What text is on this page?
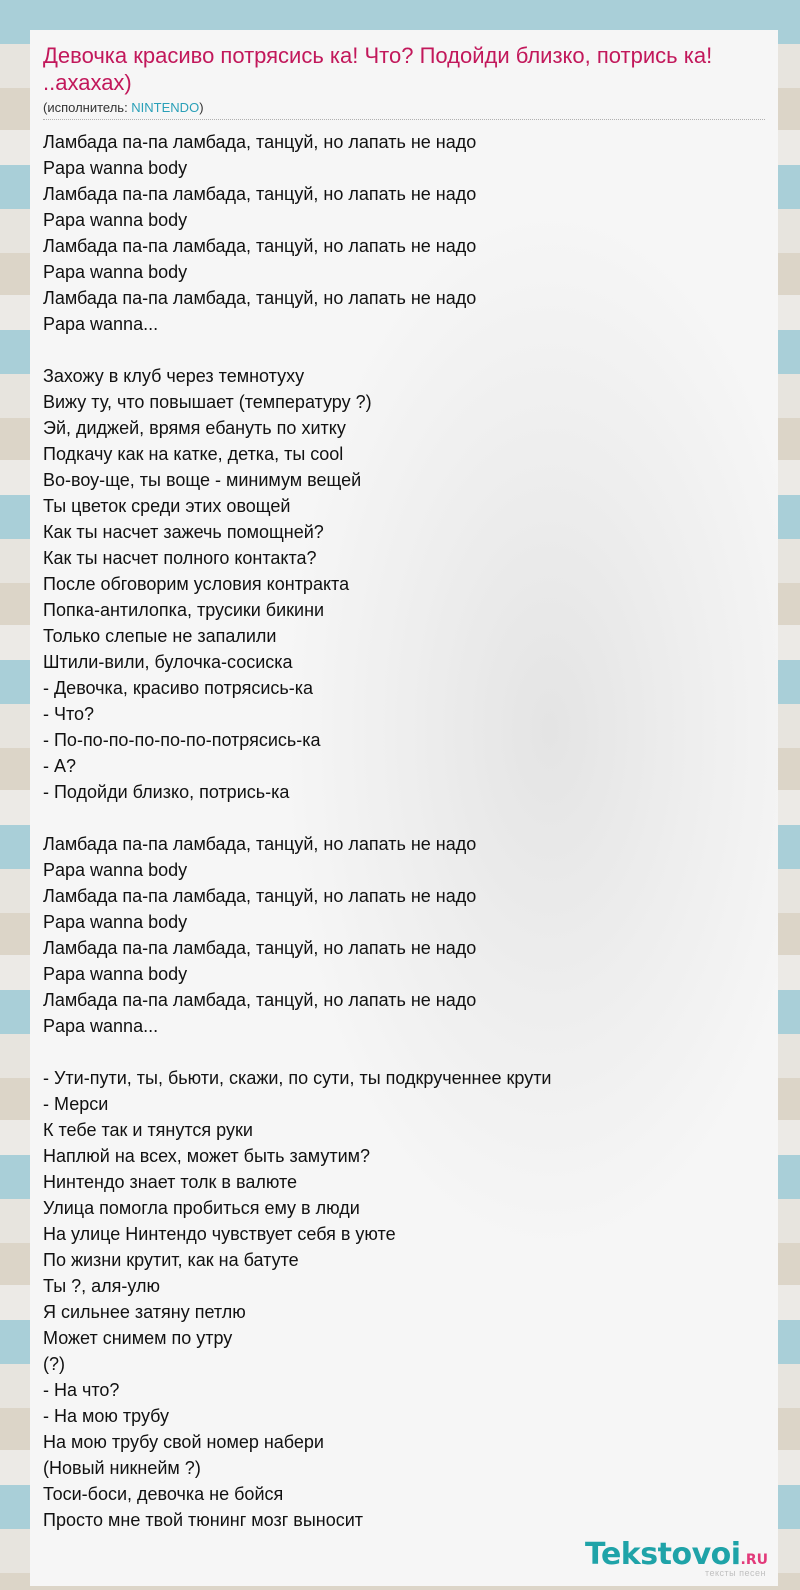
Девочка красиво потрясись ка! Что? Подойди близко, потрись ка! ..ахахах)
(исполнитель: NINTENDO)
Ламбада па-па ламбада, танцуй, но лапать не надо
Papa wanna body
Ламбада па-па ламбада, танцуй, но лапать не надо
Papa wanna body
Ламбада па-па ламбада, танцуй, но лапать не надо
Papa wanna body
Ламбада па-па ламбада, танцуй, но лапать не надо
Papa wanna...
Захожу в клуб через темнотуху
Вижу ту, что повышает (температуру ?)
Эй, диджей, врямя ебануть по хитку
Подкачу как на катке, детка, ты cool
Во-воу-ще, ты воще - минимум вещей
Ты цветок среди этих овощей
Как ты насчет зажечь помощней?
Как ты насчет полного контакта?
После обговорим условия контракта
Попка-антилопка, трусики бикини
Только слепые не запалили
Штили-вили, булочка-сосиска
- Девочка, красиво потрясись-ка
- Что?
- По-по-по-по-по-по-потрясись-ка
- А?
- Подойди близко, потрись-ка
Ламбада па-па ламбада, танцуй, но лапать не надо
Papa wanna body
Ламбада па-па ламбада, танцуй, но лапать не надо
Papa wanna body
Ламбада па-па ламбада, танцуй, но лапать не надо
Papa wanna body
Ламбада па-па ламбада, танцуй, но лапать не надо
Papa wanna...
- Ути-пути, ты, бьюти, скажи, по сути, ты подкрученнее крути
- Мерси
К тебе так и тянутся руки
Наплюй на всех, может быть замутим?
Нинтендо знает толк в валюте
Улица помогла пробиться ему в люди
На улице Нинтендо чувствует себя в уюте
По жизни крутит, как на батуте
Ты ?, аля-улю
Я сильнее затяну петлю
Может снимем по утру
(?)
- На что?
- На мою трубу
На мою трубу свой номер набери
(Новый никнейм ?)
Тоси-боси, девочка не бойся
Просто мне твой тюнинг мозг выносит
Tekstovoi.RU
тексты песен
